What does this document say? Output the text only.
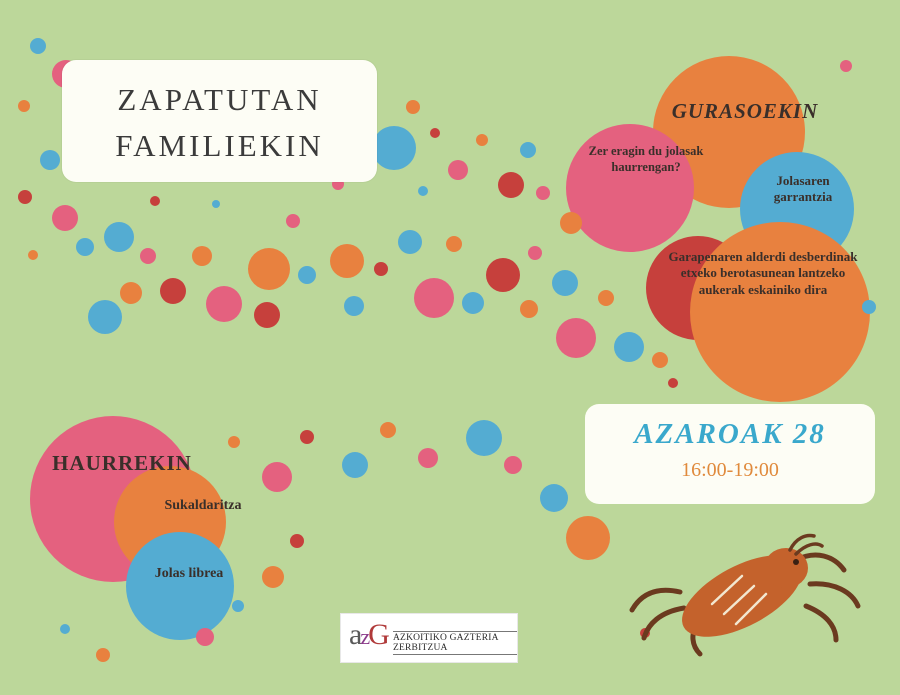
ZAPATUTAN
FAMILIEKIN
GURASOEKIN
HAURREKIN
Zer eragin du jolasak haurrengan?
Jolasaren garrantzia
Garapenaren alderdi desberdinak etxeko berotasunean lantzeko aukerak eskainiko dira
Sukaldaritza
Jolas librea
AZAROAK 28
16:00-19:00
azG AZKOITIKO GAZTERIA ZERBITZUA
